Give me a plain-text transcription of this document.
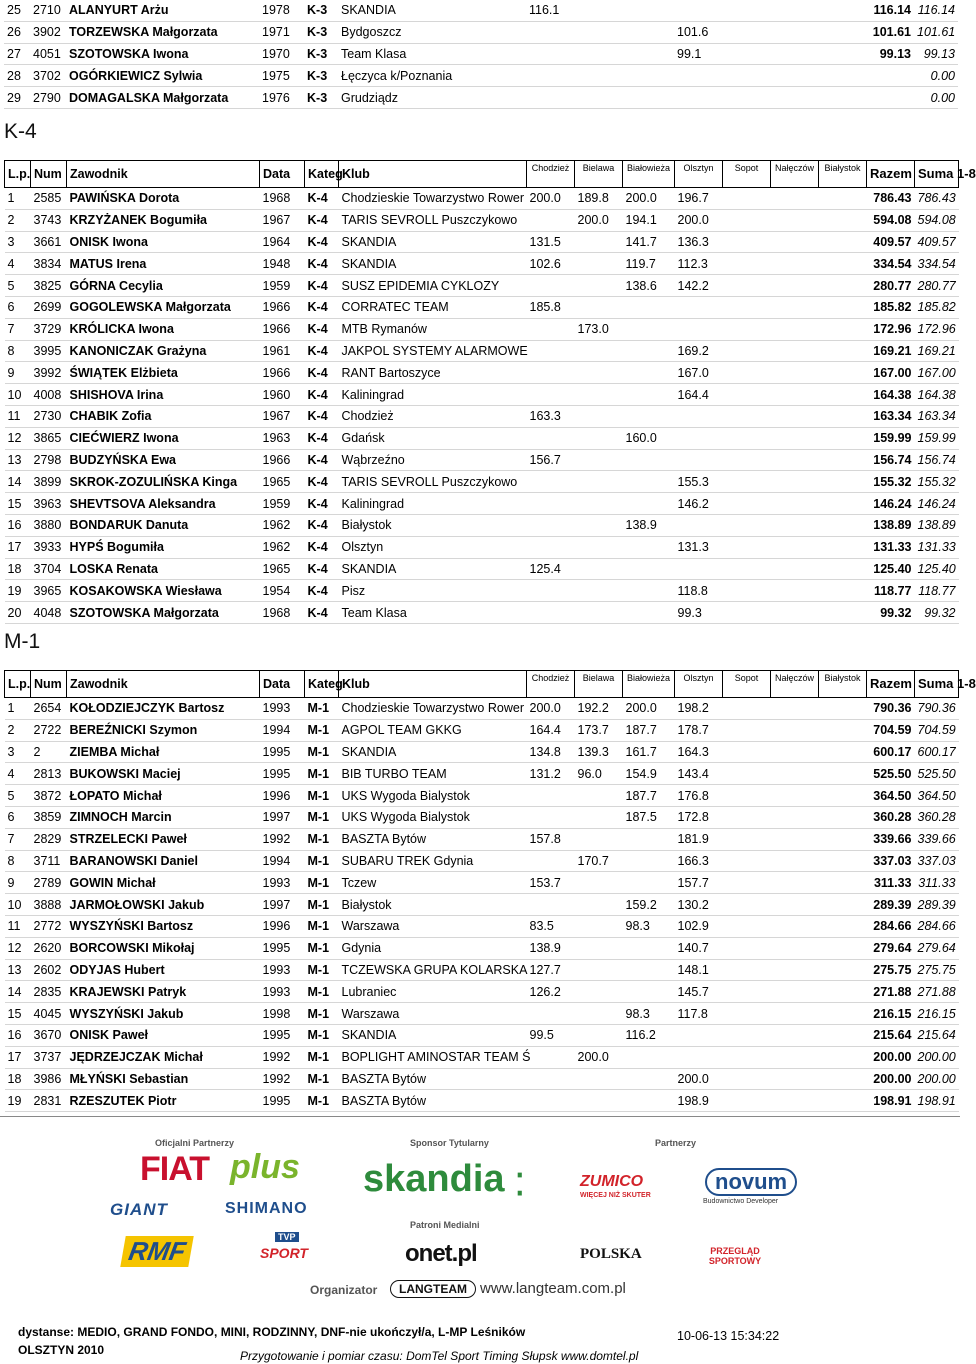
25	2710	ALANYURT Arżu	1978	K-3	SKANDIA	116.1							116.14	116.14
26	3902	TORZEWSKA Małgorzata	1971	K-3	Bydgoszcz				101.6				101.61	101.61
27	4051	SZOTOWSKA Iwona	1970	K-3	Team Klasa				99.1				99.13	99.13
28	3702	OGÓRKIEWICZ Sylwia	1975	K-3	Łęczyca k/Poznania									0.00
29	2790	DOMAGALSKA Małgorzata	1976	K-3	Grudziądz									0.00
K-4
L.p.	Num	Zawodnik	Data	Kateg	Klub	Chodzież	Bielawa	Białowieża	Olsztyn	Sopot	Nałęczów	Białystok	Razem	Suma 1-8
1	2585	PAWIŃSKA Dorota	1968	K-4	Chodzieskie Towarzystwo Rower	200.0	189.8	200.0	196.7				786.43	786.43
2	3743	KRZYŻANEK Bogumiła	1967	K-4	TARIS SEVROLL Puszczykowo		200.0	194.1	200.0				594.08	594.08
3	3661	ONISK Iwona	1964	K-4	SKANDIA	131.5		141.7	136.3				409.57	409.57
4	3834	MATUS Irena	1948	K-4	SKANDIA	102.6		119.7	112.3				334.54	334.54
5	3825	GÓRNA Cecylia	1959	K-4	SUSZ EPIDEMIA CYKLOZY			138.6	142.2				280.77	280.77
6	2699	GOGOLEWSKA Małgorzata	1966	K-4	CORRATEC TEAM	185.8							185.82	185.82
7	3729	KRÓLICKA Iwona	1966	K-4	MTB Rymanów		173.0						172.96	172.96
8	3995	KANONICZAK Grażyna	1961	K-4	JAKPOL SYSTEMY ALARMOWE				169.2				169.21	169.21
9	3992	ŚWIĄTEK Elżbieta	1966	K-4	RANT Bartoszyce				167.0				167.00	167.00
10	4008	SHISHOVA Irina	1960	K-4	Kaliningrad				164.4				164.38	164.38
11	2730	CHABIK Zofia	1967	K-4	Chodzież	163.3							163.34	163.34
12	3865	CIEĆWIERZ Iwona	1963	K-4	Gdańsk			160.0					159.99	159.99
13	2798	BUDZYŃSKA Ewa	1966	K-4	Wąbrzeźno	156.7							156.74	156.74
14	3899	SKROK-ZOZULIŃSKA Kinga	1965	K-4	TARIS SEVROLL Puszczykowo				155.3				155.32	155.32
15	3963	SHEVTSOVA Aleksandra	1959	K-4	Kaliningrad				146.2				146.24	146.24
16	3880	BONDARUK Danuta	1962	K-4	Białystok			138.9					138.89	138.89
17	3933	HYPŚ Bogumiła	1962	K-4	Olsztyn				131.3				131.33	131.33
18	3704	LOSKA Renata	1965	K-4	SKANDIA	125.4							125.40	125.40
19	3965	KOSAKOWSKA Wiesława	1954	K-4	Pisz				118.8				118.77	118.77
20	4048	SZOTOWSKA Małgorzata	1968	K-4	Team Klasa				99.3				99.32	99.32
M-1
L.p.	Num	Zawodnik	Data	Kateg	Klub	Chodzież	Bielawa	Białowieża	Olsztyn	Sopot	Nałęczów	Białystok	Razem	Suma 1-8
1	2654	KOŁODZIEJCZYK Bartosz	1993	M-1	Chodzieskie Towarzystwo Rower	200.0	192.2	200.0	198.2				790.36	790.36
2	2722	BEREŹNICKI Szymon	1994	M-1	AGPOL TEAM GKKG	164.4	173.7	187.7	178.7				704.59	704.59
3	2	ZIEMBA Michał	1995	M-1	SKANDIA	134.8	139.3	161.7	164.3				600.17	600.17
4	2813	BUKOWSKI Maciej	1995	M-1	BIB TURBO TEAM	131.2	96.0	154.9	143.4				525.50	525.50
5	3872	ŁOPATO Michał	1996	M-1	UKS Wygoda Bialystok			187.7	176.8				364.50	364.50
6	3859	ZIMNOCH Marcin	1997	M-1	UKS Wygoda Bialystok			187.5	172.8				360.28	360.28
7	2829	STRZELECKI Paweł	1992	M-1	BASZTA Bytów	157.8			181.9				339.66	339.66
8	3711	BARANOWSKI Daniel	1994	M-1	SUBARU TREK Gdynia		170.7		166.3				337.03	337.03
9	2789	GOWIN Michał	1993	M-1	Tczew	153.7			157.7				311.33	311.33
10	3888	JARMOŁOWSKI Jakub	1997	M-1	Białystok			159.2	130.2				289.39	289.39
11	2772	WYSZYŃSKI Bartosz	1996	M-1	Warszawa	83.5		98.3	102.9				284.66	284.66
12	2620	BORCOWSKI Mikołaj	1995	M-1	Gdynia	138.9			140.7				279.64	279.64
13	2602	ODYJAS Hubert	1993	M-1	TCZEWSKA GRUPA KOLARSKA	127.7			148.1				275.75	275.75
14	2835	KRAJEWSKI Patryk	1993	M-1	Lubraniec	126.2			145.7				271.88	271.88
15	4045	WYSZYŃSKI Jakub	1998	M-1	Warszawa			98.3	117.8				216.15	216.15
16	3670	ONISK Paweł	1995	M-1	SKANDIA	99.5		116.2					215.64	215.64
17	3737	JĘDRZEJCZAK Michał	1992	M-1	BOPLIGHT AMINOSTAR TEAM Ś		200.0						200.00	200.00
18	3986	MŁYŃSKI Sebastian	1992	M-1	BASZTA Bytów				200.0				200.00	200.00
19	2831	RZESZUTEK Piotr	1995	M-1	BASZTA Bytów				198.9				198.91	198.91
Oficjalni Partnerzy	Sponsor Tytularny	Partnerzy
FIAT plus
GIANT	SHIMANO
skandia ⁚	ZUMICO
WIĘCEJ NIŻ SKUTER
novum
Budownictwo Developer
Patroni Medialni
RMF	TVP
SPORT	onet.pl	POLSKA	PRZEGLĄD SPORTOWY
Organizator	LANGTEAM www.langteam.com.pl
dystanse: MEDIO, GRAND FONDO, MINI, RODZINNY, DNF-nie ukończył/a, L-MP Leśników
OLSZTYN 2010
10-06-13 15:34:22
Przygotowanie i pomiar czasu: DomTel Sport Timing Słupsk www.domtel.pl
